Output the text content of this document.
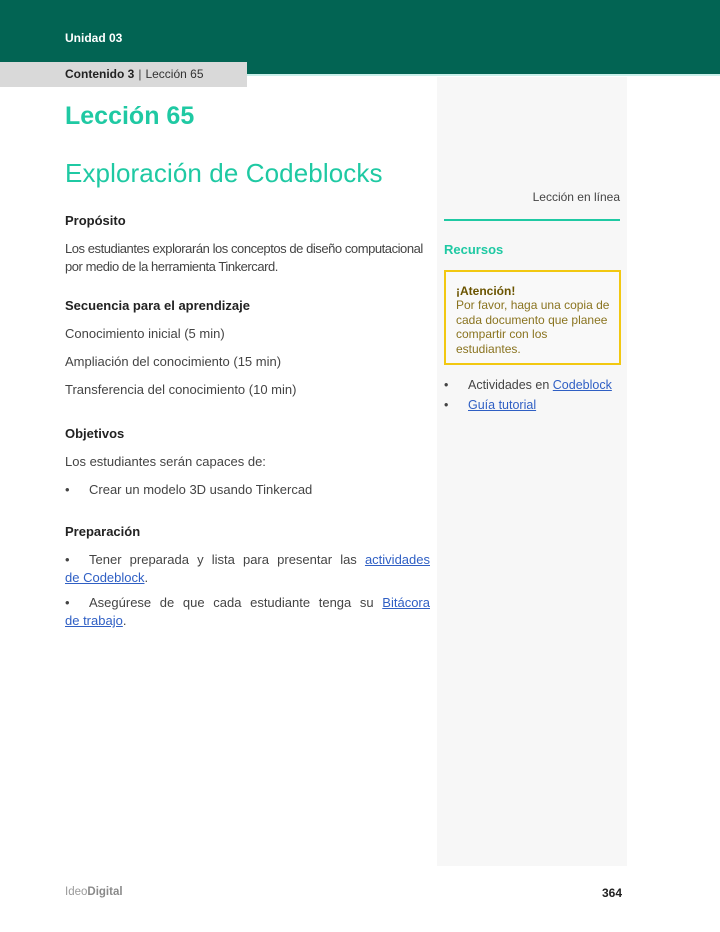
Unidad 03
Contenido 3 | Lección 65
Lección 65
Exploración de Codeblocks
Propósito

Los estudiantes explorarán los conceptos de diseño computacional por medio de la herramienta Tinkercard.

Secuencia para el aprendizaje

Conocimiento inicial (5 min)

Ampliación del conocimiento (15 min)

Transferencia del conocimiento (10 min)

Objetivos

Los estudiantes serán capaces de:

• Crear un modelo 3D usando Tinkercad

Preparación

• Tener preparada y lista para presentar las actividades de Codeblock.

• Asegúrese de que cada estudiante tenga su Bitácora de trabajo.

Lección en línea
Recursos
¡Atención!
Por favor, haga una copia de cada documento que planee compartir con los estudiantes.
• Actividades en Codeblock
• Guía tutorial
IdeoDigital	364
